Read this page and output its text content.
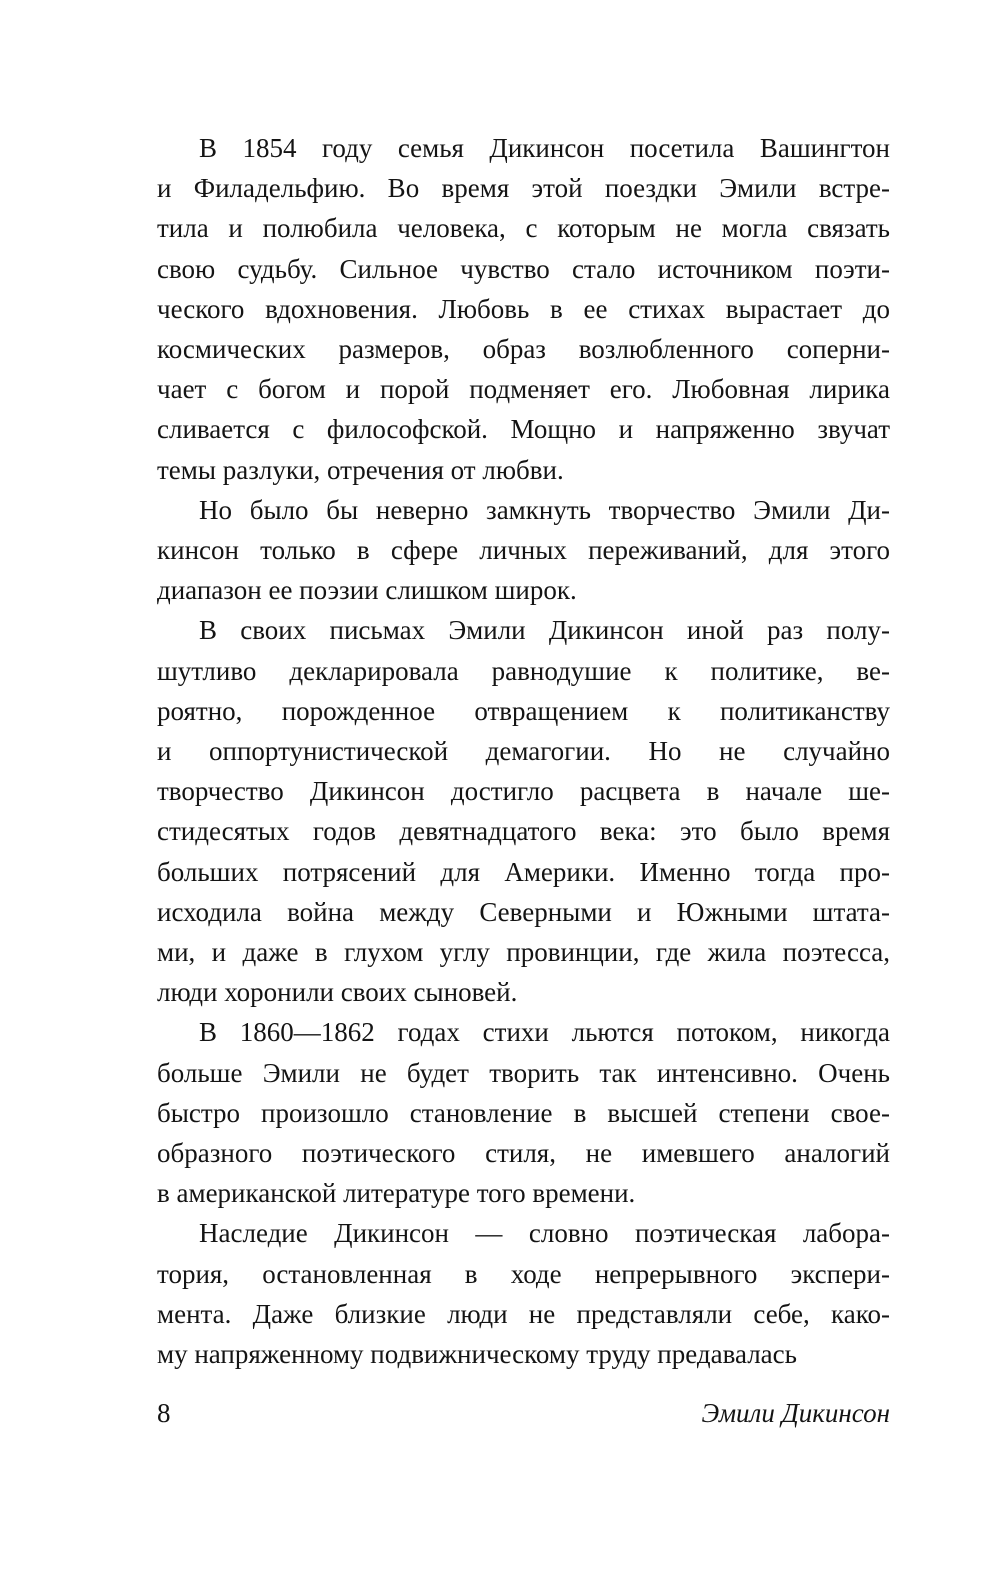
В 1854 году семья Дикинсон посетила Вашингтон
и Филадельфию. Во время этой поездки Эмили встре-
тила и полюбила человека, с которым не могла связать
свою судьбу. Сильное чувство стало источником поэти-
ческого вдохновения. Любовь в ее стихах вырастает до
космических размеров, образ возлюбленного соперни-
чает с богом и порой подменяет его. Любовная лирика
сливается с философской. Мощно и напряженно звучат
темы разлуки, отречения от любви.
Но было бы неверно замкнуть творчество Эмили Ди-
кинсон только в сфере личных переживаний, для этого
диапазон ее поэзии слишком широк.
В своих письмах Эмили Дикинсон иной раз полу-
шутливо декларировала равнодушие к политике, ве-
роятно, порожденное отвращением к политиканству
и оппортунистической демагогии. Но не случайно
творчество Дикинсон достигло расцвета в начале ше-
стидесятых годов девятнадцатого века: это было время
больших потрясений для Америки. Именно тогда про-
исходила война между Северными и Южными штата-
ми, и даже в глухом углу провинции, где жила поэтесса,
люди хоронили своих сыновей.
В 1860—1862 годах стихи льются потоком, никогда
больше Эмили не будет творить так интенсивно. Очень
быстро произошло становление в высшей степени свое-
образного поэтического стиля, не имевшего аналогий
в американской литературе того времени.
Наследие Дикинсон — словно поэтическая лабора-
тория, остановленная в ходе непрерывного экспери-
мента. Даже близкие люди не представляли себе, како-
му напряженному подвижническому труду предавалась
8	Эмили Дикинсон
